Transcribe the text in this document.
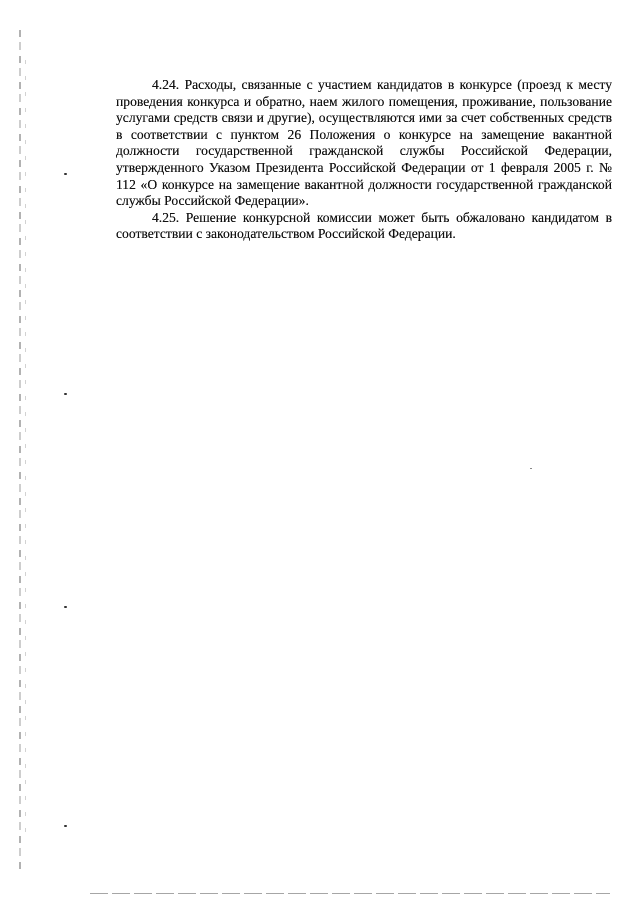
4.24. Расходы, связанные с участием кандидатов в конкурсе (проезд к месту проведения конкурса и обратно, наем жилого помещения, проживание, пользование услугами средств связи и другие), осуществляются ими за счет собственных средств в соответствии с пунктом 26 Положения о конкурсе на замещение вакантной должности государственной гражданской службы Российской Федерации, утвержденного Указом Президента Российской Федерации от 1 февраля 2005 г. № 112 «О конкурсе на замещение вакантной должности государственной гражданской службы Российской Федерации».

4.25. Решение конкурсной комиссии может быть обжаловано кандидатом в соответствии с законодательством Российской Федерации.
